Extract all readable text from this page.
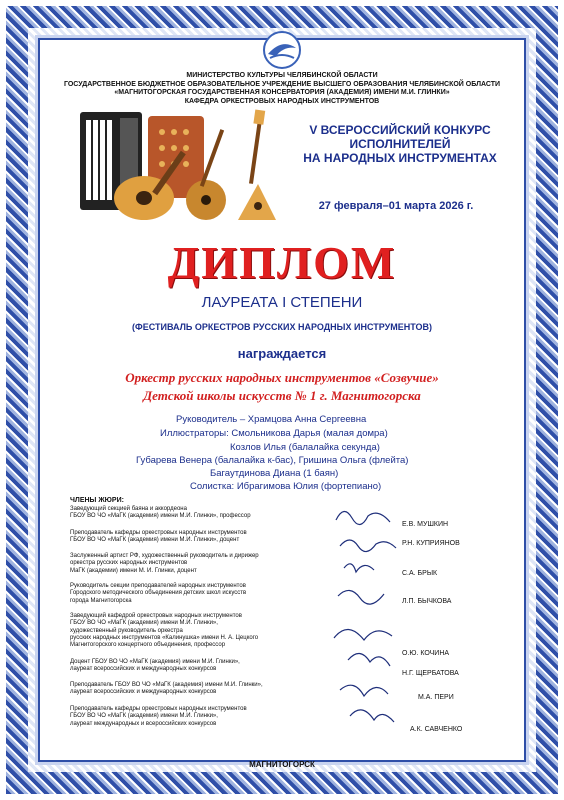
МИНИСТЕРСТВО КУЛЬТУРЫ ЧЕЛЯБИНСКОЙ ОБЛАСТИ
ГОСУДАРСТВЕННОЕ БЮДЖЕТНОЕ ОБРАЗОВАТЕЛЬНОЕ УЧРЕЖДЕНИЕ ВЫСШЕГО ОБРАЗОВАНИЯ ЧЕЛЯБИНСКОЙ ОБЛАСТИ
«МАГНИТОГОРСКАЯ ГОСУДАРСТВЕННАЯ КОНСЕРВАТОРИЯ (АКАДЕМИЯ) ИМЕНИ М.И. ГЛИНКИ»
КАФЕДРА ОРКЕСТРОВЫХ НАРОДНЫХ ИНСТРУМЕНТОВ
V ВСЕРОССИЙСКИЙ КОНКУРС
ИСПОЛНИТЕЛЕЙ
НА НАРОДНЫХ ИНСТРУМЕНТАХ
27 февраля–01 марта 2026 г.
ДИПЛОМ
ЛАУРЕАТА I СТЕПЕНИ
(ФЕСТИВАЛЬ ОРКЕСТРОВ РУССКИХ НАРОДНЫХ ИНСТРУМЕНТОВ)
награждается
Оркестр русских народных инструментов «Созвучие»
Детской школы искусств № 1 г. Магнитогорска
Руководитель – Храмцова Анна Сергеевна
Иллюстраторы: Смольникова Дарья (малая домра)
Козлов Илья (балалайка секунда)
Губарева Венера (балалайка к-бас), Гришина Ольга (флейта)
Багаутдинова Диана (1 баян)
Солистка: Ибрагимова Юлия (фортепиано)
ЧЛЕНЫ ЖЮРИ:
Заведующий секцией баяна и аккордеона
ГБОУ ВО ЧО «МаГК (академия) имени М.И. Глинки», профессор
Е.В. МУШКИН
Преподаватель кафедры оркестровых народных инструментов
ГБОУ ВО ЧО «МаГК (академия) имени М.И. Глинки», доцент	Р.Н. КУПРИЯНОВ
Заслуженный артист РФ, художественный руководитель и дирижер
оркестра русских народных инструментов
МаГК (академии) имени М. И. Глинки, доцент	С.А. БРЫК
Руководитель секции преподавателей народных инструментов
Городского методического объединения детских школ искусств
города Магнитогорска	Л.П. БЫЧКОВА
Заведующий кафедрой оркестровых народных инструментов
ГБОУ ВО ЧО «МаГК (академия) имени М.И. Глинки»,
художественный руководитель оркестра
русских народных инструментов «Калинушка» имени Н. А. Цецкого
Магнитогорского концертного объединения, профессор
О.Ю. КОЧИНА
Доцент ГБОУ ВО ЧО «МаГК (академия) имени М.И. Глинки»,
лауреат всероссийских и международных конкурсов
Н.Г. ЩЕРБАТОВА
Преподаватель ГБОУ ВО ЧО «МаГК (академия) имени М.И. Глинки»,
лауреат всероссийских и международных конкурсов
М.А. ПЕРИ
Преподаватель кафедры оркестровых народных инструментов
ГБОУ ВО ЧО «МаГК (академия) имени М.И. Глинки»,
лауреат международных и всероссийских конкурсов
А.К. САВЧЕНКО
МАГНИТОГОРСК
